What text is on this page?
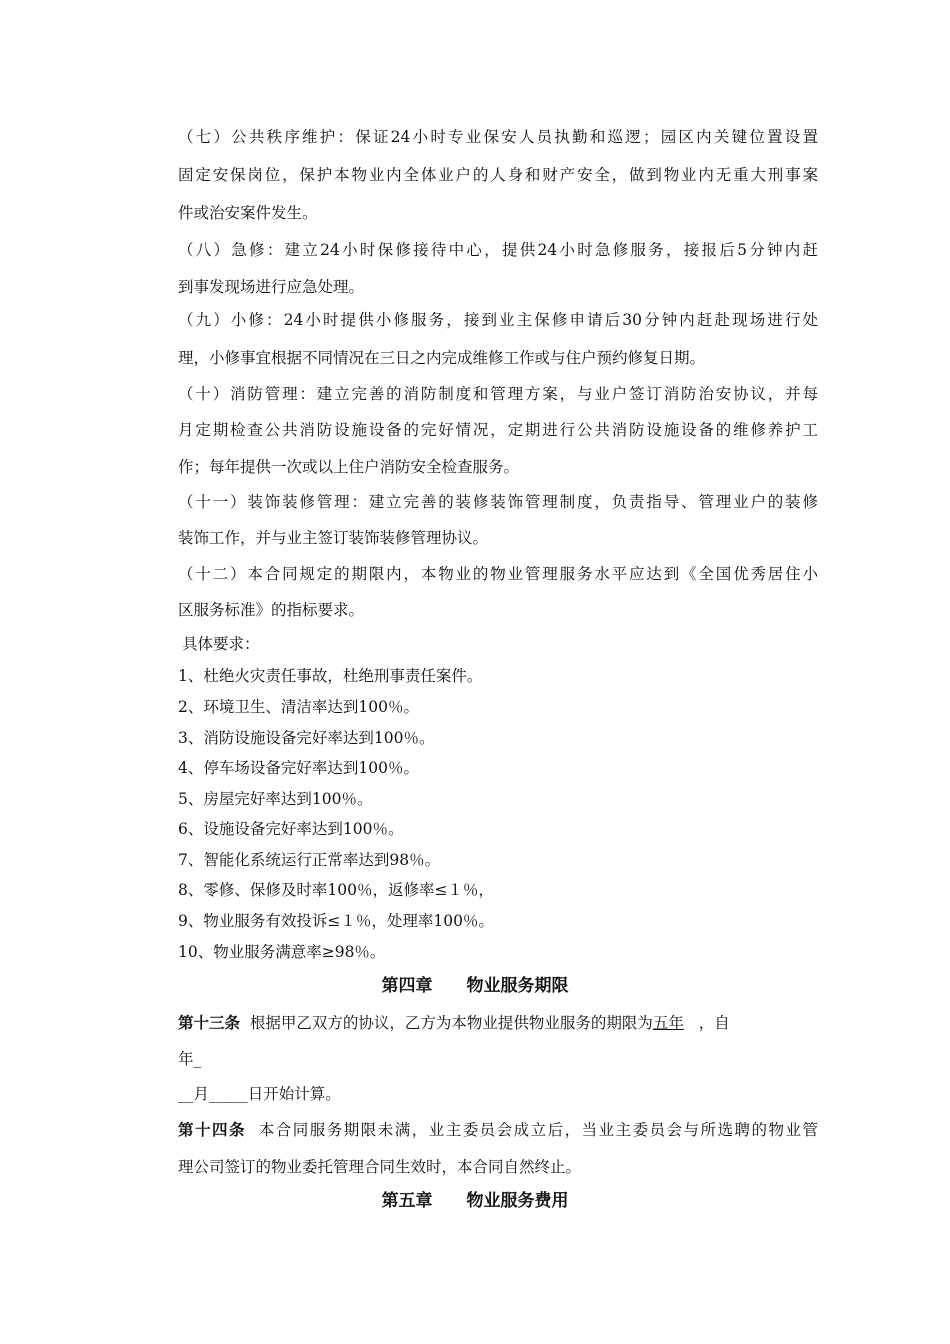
（七）公共秩序维护：保证24小时专业保安人员执勤和巡逻；园区内关键位置设置
固定安保岗位，保护本物业内全体业户的人身和财产安全，做到物业内无重大刑事案
件或治安案件发生。
（八）急修：建立24小时保修接待中心，提供24小时急修服务，接报后5分钟内赶
到事发现场进行应急处理。
（九）小修：24小时提供小修服务，接到业主保修申请后30分钟内赶赴现场进行处
理，小修事宜根据不同情况在三日之内完成维修工作或与住户预约修复日期。
（十）消防管理：建立完善的消防制度和管理方案，与业户签订消防治安协议，并每
月定期检查公共消防设施设备的完好情况，定期进行公共消防设施设备的维修养护工
作；每年提供一次或以上住户消防安全检查服务。
（十一）装饰装修管理：建立完善的装修装饰管理制度，负责指导、管理业户的装修
装饰工作，并与业主签订装饰装修管理协议。
（十二）本合同规定的期限内，本物业的物业管理服务水平应达到《全国优秀居住小
区服务标准》的指标要求。
具体要求：
1、杜绝火灾责任事故，杜绝刑事责任案件。
2、环境卫生、清洁率达到100％。
3、消防设施设备完好率达到100％。
4、停车场设备完好率达到100％。
5、房屋完好率达到100％。
6、设施设备完好率达到100％。
7、智能化系统运行正常率达到98％。
8、零修、保修及时率100％，返修率≤１％，
9、物业服务有效投诉≤１％，处理率100％。
10、物业服务满意率≥98％。
第四章 物业服务期限
第十三条 根据甲乙双方的协议，乙方为本物业提供物业服务的期限为五年 ，自
年_
__月_____日开始计算。
第十四条 本合同服务期限未满，业主委员会成立后，当业主委员会与所选聘的物业管
理公司签订的物业委托管理合同生效时，本合同自然终止。
第五章 物业服务费用
